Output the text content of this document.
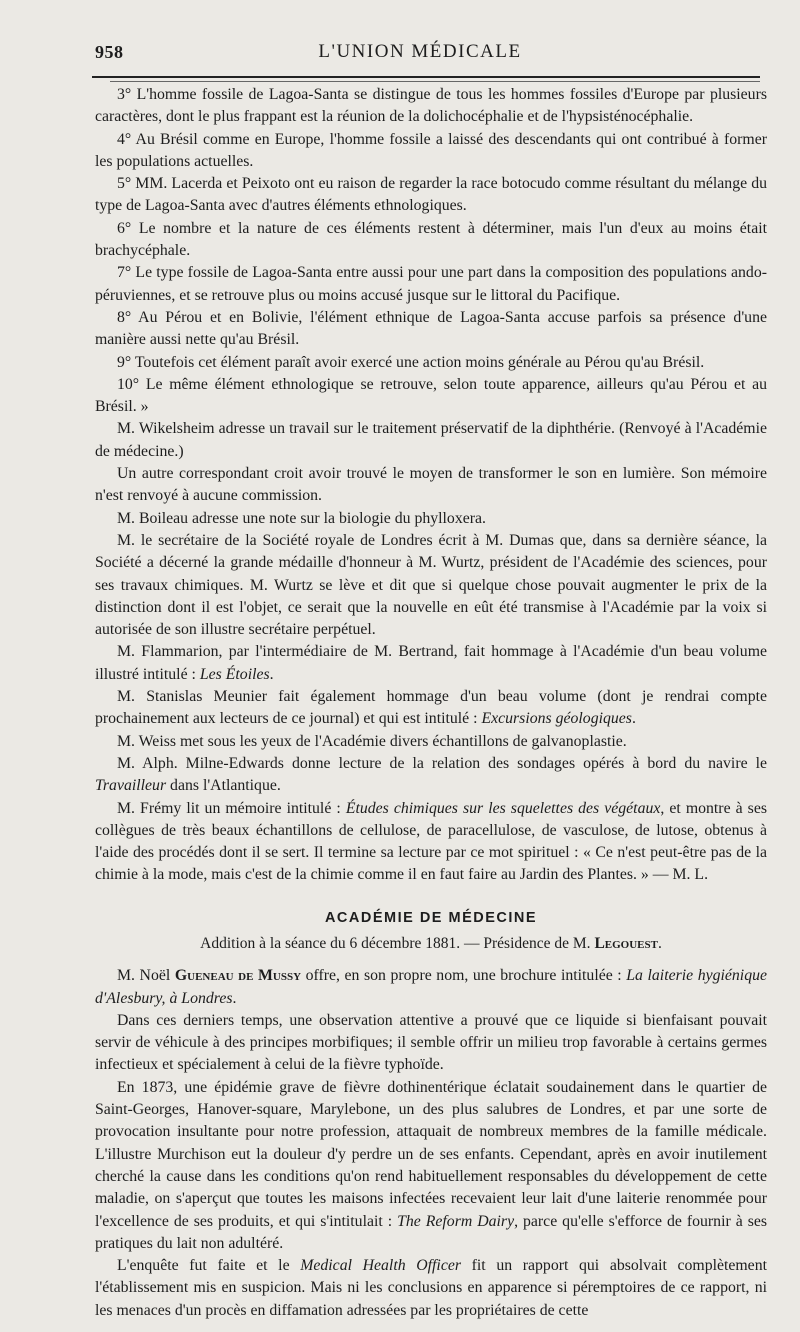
958	L'UNION MÉDICALE

3° L'homme fossile de Lagoa-Santa se distingue de tous les hommes fossiles d'Europe par plusieurs caractères, dont le plus frappant est la réunion de la dolichocéphalie et de l'hypsisténocéphalie.

4° Au Brésil comme en Europe, l'homme fossile a laissé des descendants qui ont contribué à former les populations actuelles.

5° MM. Lacerda et Peixoto ont eu raison de regarder la race botocudo comme résultant du mélange du type de Lagoa-Santa avec d'autres éléments ethnologiques.

6° Le nombre et la nature de ces éléments restent à déterminer, mais l'un d'eux au moins était brachycéphale.

7° Le type fossile de Lagoa-Santa entre aussi pour une part dans la composition des populations ando-péruviennes, et se retrouve plus ou moins accusé jusque sur le littoral du Pacifique.

8° Au Pérou et en Bolivie, l'élément ethnique de Lagoa-Santa accuse parfois sa présence d'une manière aussi nette qu'au Brésil.

9° Toutefois cet élément paraît avoir exercé une action moins générale au Pérou qu'au Brésil.

10° Le même élément ethnologique se retrouve, selon toute apparence, ailleurs qu'au Pérou et au Brésil. »

M. Wikelsheim adresse un travail sur le traitement préservatif de la diphthérie. (Renvoyé à l'Académie de médecine.)

Un autre correspondant croit avoir trouvé le moyen de transformer le son en lumière. Son mémoire n'est renvoyé à aucune commission.

M. Boileau adresse une note sur la biologie du phylloxera.

M. le secrétaire de la Société royale de Londres écrit à M. Dumas que, dans sa dernière séance, la Société a décerné la grande médaille d'honneur à M. Wurtz, président de l'Académie des sciences, pour ses travaux chimiques. M. Wurtz se lève et dit que si quelque chose pouvait augmenter le prix de la distinction dont il est l'objet, ce serait que la nouvelle en eût été transmise à l'Académie par la voix si autorisée de son illustre secrétaire perpétuel.

M. Flammarion, par l'intermédiaire de M. Bertrand, fait hommage à l'Académie d'un beau volume illustré intitulé : Les Étoiles.

M. Stanislas Meunier fait également hommage d'un beau volume (dont je rendrai compte prochainement aux lecteurs de ce journal) et qui est intitulé : Excursions géologiques.

M. Weiss met sous les yeux de l'Académie divers échantillons de galvanoplastie.

M. Alph. Milne-Edwards donne lecture de la relation des sondages opérés à bord du navire le Travailleur dans l'Atlantique.

M. Frémy lit un mémoire intitulé : Études chimiques sur les squelettes des végétaux, et montre à ses collègues de très beaux échantillons de cellulose, de paracellulose, de vasculose, de lutose, obtenus à l'aide des procédés dont il se sert. Il termine sa lecture par ce mot spirituel : « Ce n'est peut-être pas de la chimie à la mode, mais c'est de la chimie comme il en faut faire au Jardin des Plantes. » — M. L.

ACADÉMIE DE MÉDECINE
Addition à la séance du 6 décembre 1881. — Présidence de M. Legouest.

M. Noël Gueneau de Mussy offre, en son propre nom, une brochure intitulée : La laiterie hygiénique d'Alesbury, à Londres.

Dans ces derniers temps, une observation attentive a prouvé que ce liquide si bienfaisant pouvait servir de véhicule à des principes morbifiques; il semble offrir un milieu trop favorable à certains germes infectieux et spécialement à celui de la fièvre typhoïde.

En 1873, une épidémie grave de fièvre dothinentérique éclatait soudainement dans le quartier de Saint-Georges, Hanover-square, Marylebone, un des plus salubres de Londres, et par une sorte de provocation insultante pour notre profession, attaquait de nombreux membres de la famille médicale. L'illustre Murchison eut la douleur d'y perdre un de ses enfants. Cependant, après en avoir inutilement cherché la cause dans les conditions qu'on rend habituellement responsables du développement de cette maladie, on s'aperçut que toutes les maisons infectées recevaient leur lait d'une laiterie renommée pour l'excellence de ses produits, et qui s'intitulait : The Reform Dairy, parce qu'elle s'efforce de fournir à ses pratiques du lait non adultéré.

L'enquête fut faite et le Medical Health Officer fit un rapport qui absolvait complètement l'établissement mis en suspicion. Mais ni les conclusions en apparence si péremptoires de ce rapport, ni les menaces d'un procès en diffamation adressées par les propriétaires de cette
